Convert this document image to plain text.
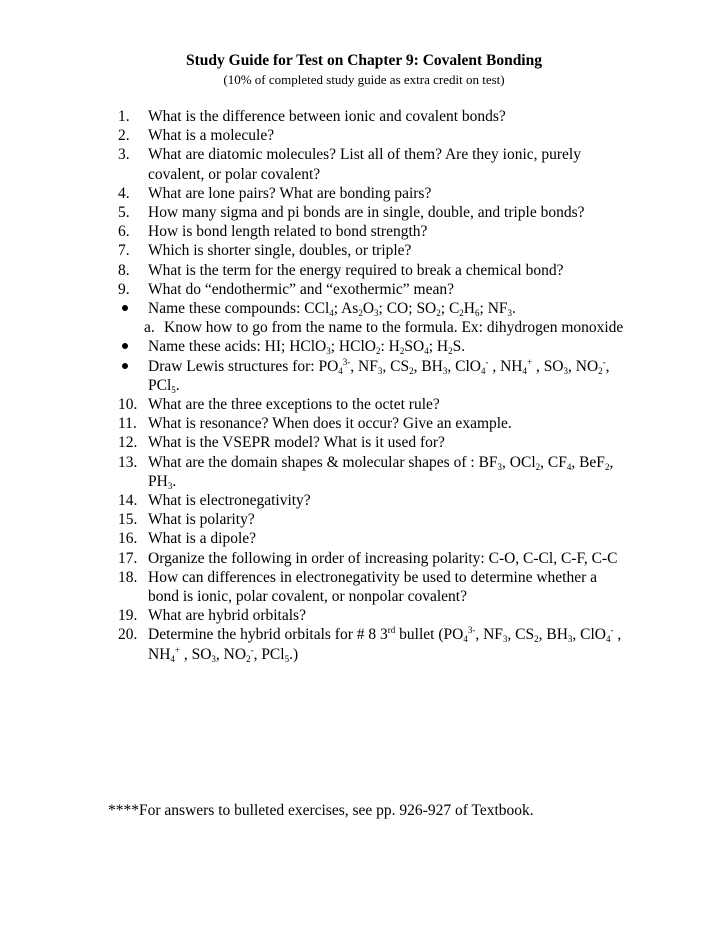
Study Guide for Test on Chapter 9: Covalent Bonding
(10% of completed study guide as extra credit on test)
1.	What is the difference between ionic and covalent bonds?
2.	What is a molecule?
3.	What are diatomic molecules? List all of them? Are they ionic, purely covalent, or polar covalent?
4.	What are lone pairs? What are bonding pairs?
5.	How many sigma and pi bonds are in single, double, and triple bonds?
6.	How is bond length related to bond strength?
7.	Which is shorter single, doubles, or triple?
8.	What is the term for the energy required to break a chemical bond?
9.	What do “endothermic” and “exothermic” mean?
Name these compounds: CCl$_4$; $As_2O_3$; CO; $SO_2$; $C_2H_6$; $NF_3$.
a. Know how to go from the name to the formula. Ex: dihydrogen monoxide
Name these acids: HI; HClO$_3$; HClO$_2$: $H_2SO_4$; $H_2S$.
Draw Lewis structures for: $PO_4^{3-}$, $NF_3$, $CS_2$, $BH_3$, ClO$_4$- , $NH_4^+$ , $SO_3$, $NO_2^-$, PCl$_5$.
10. What are the three exceptions to the octet rule?
11. What is resonance? When does it occur? Give an example.
12. What is the VSEPR model? What is it used for?
13. What are the domain shapes & molecular shapes of : $BF_3$, OCl$_2$, $CF_4$, BeF$_2$, $PH_3$.
14. What is electronegativity?
15. What is polarity?
16. What is a dipole?
17. Organize the following in order of increasing polarity: C-O, C-Cl, C-F, C-C
18. How can differences in electronegativity be used to determine whether a bond is ionic, polar covalent, or nonpolar covalent?
19. What are hybrid orbitals?
20. Determine the hybrid orbitals for # 8 3rd bullet ($PO_4^{3-}$, $NF_3$, $CS_2$, $BH_3$, ClO$_4$- , $NH_4^+$ , $SO_3$, $NO_2^-$, PCl$_5$.)
****For answers to bulleted exercises, see pp. 926-927 of Textbook.
